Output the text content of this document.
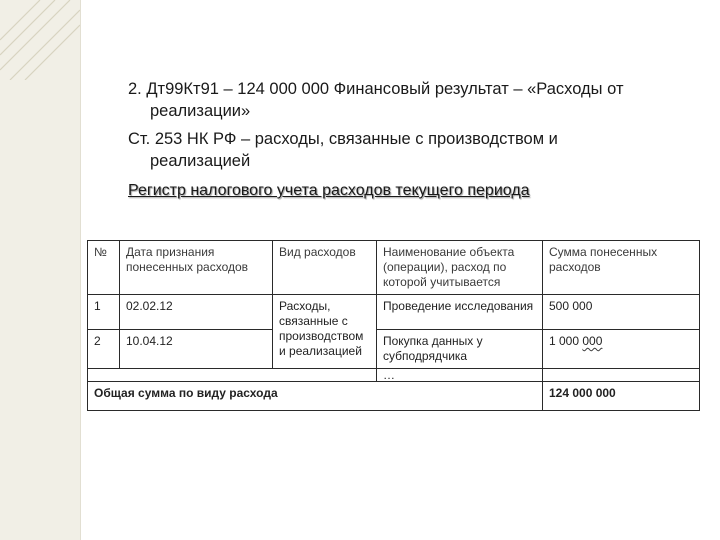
2. Дт99Кт91 – 124 000 000 Финансовый результат – «Расходы от
реализации»

Ст. 253 НК РФ – расходы, связанные с производством и
реализацией

Регистр налогового учета расходов текущего периода
№	Дата признания понесенных расходов	Вид расходов	Наименование объекта (операции), расход по которой учитывается	Сумма понесенных расходов
1	02.02.12	Расходы, связанные с производством и реализацией	Проведение исследования	500 000
2	10.04.12		Покупка данных у субподрядчика	1 000 000
			…	
Общая сумма по виду расхода				124 000 000
